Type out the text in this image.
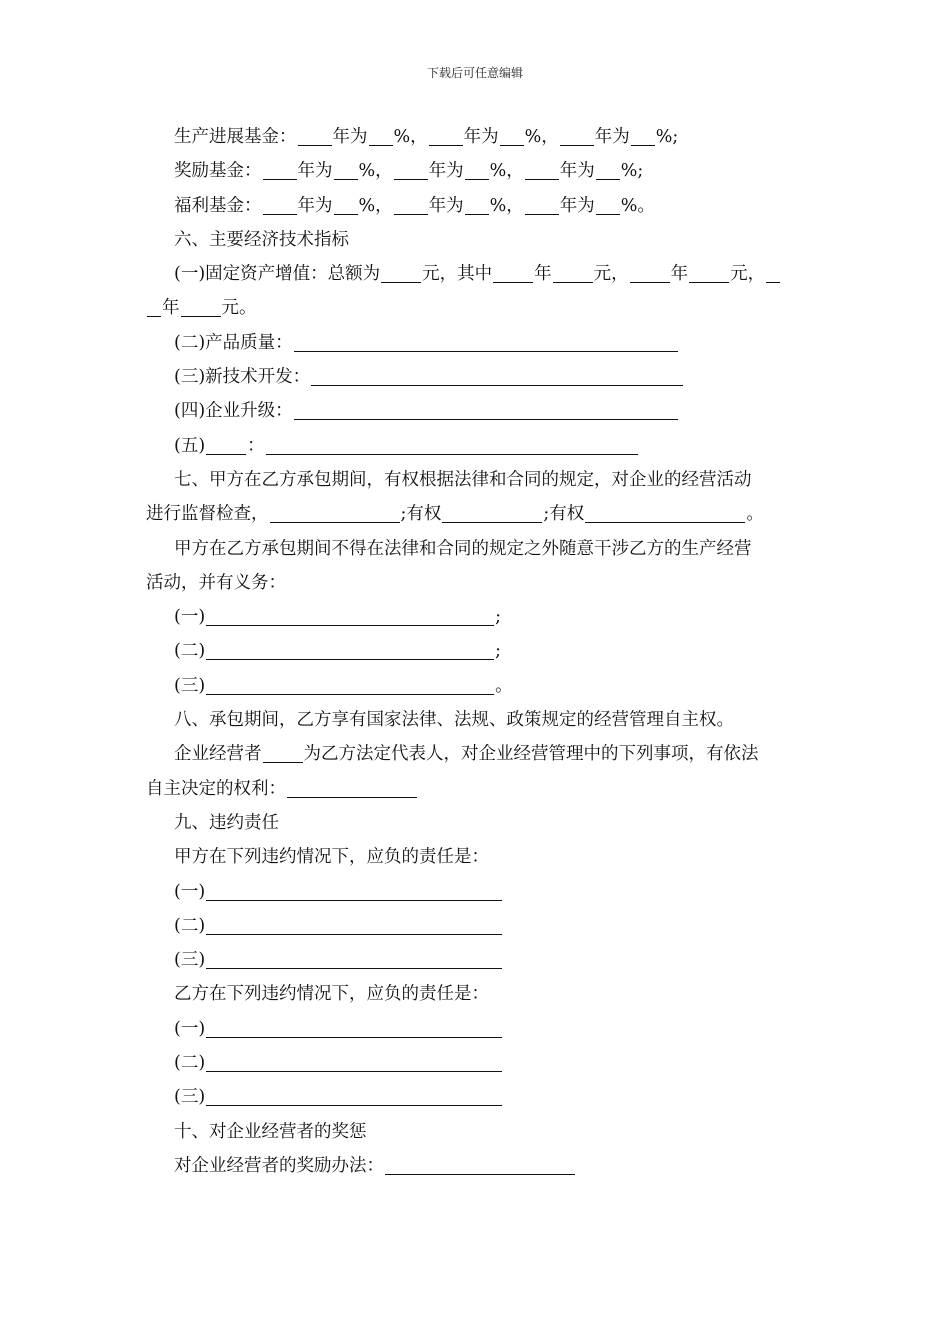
下载后可任意编辑
生产进展基金： 年为 %， 年为 %， 年为 %;
奖励基金： 年为 %， 年为 %， 年为 %;
福利基金： 年为 %， 年为 %， 年为 %。
六、主要经济技术指标
(一)固定资产增值：总额为 元，其中 年 元， 年 元，
年 元。
(二)产品质量：
(三)新技术开发：
(四)企业升级：
(五) ：
七、甲方在乙方承包期间，有权根据法律和合同的规定，对企业的经营活动
进行监督检查，	;有权	;有权	。
甲方在乙方承包期间不得在法律和合同的规定之外随意干涉乙方的生产经营
活动，并有义务：
(一)	;
(二)	;
(三)	。
八、承包期间，乙方享有国家法律、法规、政策规定的经营管理自主权。
企业经营者 为乙方法定代表人，对企业经营管理中的下列事项，有依法
自主决定的权利：
九、违约责任
甲方在下列违约情况下，应负的责任是：
(一)
(二)
(三)
乙方在下列违约情况下，应负的责任是：
(一)
(二)
(三)
十、对企业经营者的奖惩
对企业经营者的奖励办法：
